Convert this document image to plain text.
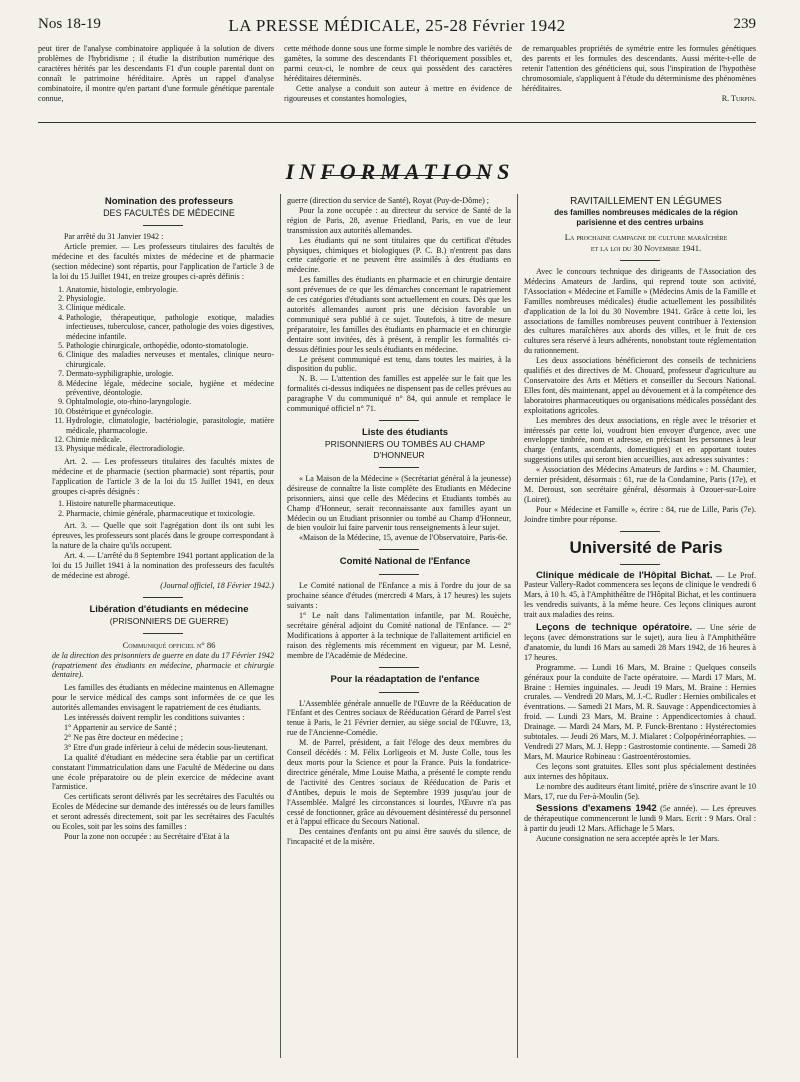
Nos 18-19	LA PRESSE MÉDICALE, 25-28 Février 1942	239

peut tirer de l'analyse combinatoire appliquée à la solution de divers problèmes de l'hybridisme ; il étudie la distribution numérique des caractères hérités par les descendants F1 d'un couple parental dont on connaît le patrimoine héréditaire. Après un rappel d'analyse combinatoire, il montre qu'en partant d'une formule génétique parentale connue,

cette méthode donne sous une forme simple le nombre des variétés de gamètes, la somme des descendants F1 théoriquement possibles et, parmi ceux-ci, le nombre de ceux qui possèdent des caractères héréditaires déterminés.

Cette analyse a conduit son auteur à mettre en évidence de rigoureuses et constantes homologies,

de remarquables propriétés de symétrie entre les formules génétiques des parents et les formules des descendants. Aussi mérite-t-elle de retenir l'attention des généticiens qui, sous l'inspiration de l'hypothèse chromosomiale, s'appliquent à l'étude du déterminisme des phénomènes héréditaires.

R. Turpin.

INFORMATIONS

Nomination des professeurs

DES FACULTÉS DE MÉDECINE

Par arrêté du 31 Janvier 1942 :

Article premier. — Les professeurs titulaires des facultés de médecine et des facultés mixtes de médecine et de pharmacie (section médecine) sont répartis, pour l'application de l'article 3 de la loi du 15 Juillet 1941, en treize groupes ci-après définis :

1. Anatomie, histologie, embryologie.
2. Physiologie.
3. Clinique médicale.
4. Pathologie, thérapeutique, pathologie exotique, maladies infectieuses, tuberculose, cancer, pathologie des voies digestives, médecine infantile.
5. Pathologie chirurgicale, orthopédie, odonto-stomatologie.
6. Clinique des maladies nerveuses et mentales, clinique neuro-chirurgicale.
7. Dermato-syphiligraphie, urologie.
8. Médecine légale, médecine sociale, hygiène et médecine préventive, déontologie.
9. Ophtalmologie, oto-rhino-laryngologie.
10. Obstétrique et gynécologie.
11. Hydrologie, climatologie, bactériologie, parasitologie, matière médicale, pharmacologie.
12. Chimie médicale.
13. Physique médicale, électroradiologie.

Art. 2. — Les professeurs titulaires des facultés mixtes de médecine et de pharmacie (section pharmacie) sont répartis, pour l'application de l'article 3 de la loi du 15 Juillet 1941, en deux groupes ci-après désignés :

1. Histoire naturelle pharmaceutique.
2. Pharmacie, chimie générale, pharmaceutique et toxicologie.

Art. 3. — Quelle que soit l'agrégation dont ils ont subi les épreuves, les professeurs sont placés dans le groupe correspondant à la nature de la chaire qu'ils occupent.

Art. 4. — L'arrêté du 8 Septembre 1941 portant application de la loi du 15 Juillet 1941 à la nomination des professeurs des facultés de médecine est abrogé.

(Journal officiel, 18 Février 1942.)

Libération d'étudiants en médecine

(PRISONNIERS DE GUERRE)

Communiqué officiel n° 86

de la direction des prisonniers de guerre en date du 17 Février 1942 (rapatriement des étudiants en médecine, pharmacie et chirurgie dentaire).

Les familles des étudiants en médecine maintenus en Allemagne pour le service médical des camps sont informées de ce que les autorités allemandes envisagent le rapatriement de ces étudiants.

Les intéressés doivent remplir les conditions suivantes :

1° Appartenir au service de Santé ;

2° Ne pas être docteur en médecine ;

3° Etre d'un grade inférieur à celui de médecin sous-lieutenant.

La qualité d'étudiant en médecine sera établie par un certificat constatant l'immatriculation dans une Faculté de Médecine ou dans une école préparatoire ou de plein exercice de médecine avant l'armistice.

Ces certificats seront délivrés par les secrétaires des Facultés ou Ecoles de Médecine sur demande des intéressés ou de leurs familles et seront adressés directement, soit par les secrétaires des Facultés ou Ecoles, soit par les soins des familles :

Pour la zone non occupée : au Secrétaire d'Etat à la

guerre (direction du service de Santé), Royat (Puy-de-Dôme) ;

Pour la zone occupée : au directeur du service de Santé de la région de Paris, 28, avenue Friedland, Paris, en vue de leur transmission aux autorités allemandes.

Les étudiants qui ne sont titulaires que du certificat d'études physiques, chimiques et biologiques (P. C. B.) n'entrent pas dans cette catégorie et ne peuvent être assimilés à des étudiants en médecine.

Les familles des étudiants en pharmacie et en chirurgie dentaire sont prévenues de ce que les démarches concernant le rapatriement de ces catégories d'étudiants sont actuellement en cours. Dès que les autorités allemandes auront pris une décision favorable un communiqué sera publié à ce sujet. Toutefois, à titre de mesure préparatoire, les familles des étudiants en pharmacie et en chirurgie dentaire sont invitées, dès à présent, à remplir les formalités ci-dessus définies pour les seuls étudiants en médecine.

Le présent communiqué est tenu, dans toutes les mairies, à la disposition du public.

N. B. — L'attention des familles est appelée sur le fait que les formalités ci-dessus indiquées ne dispensent pas de celles prévues au paragraphe V du communiqué n° 84, qui annule et remplace le communiqué officiel n° 71.

Liste des étudiants

PRISONNIERS OU TOMBÉS AU CHAMP D'HONNEUR

« La Maison de la Médecine » (Secrétariat général à la jeunesse) désireuse de connaître la liste complète des Etudiants en Médecine prisonniers, ainsi que celle des Médecins et Etudiants tombés au Champ d'Honneur, serait reconnaissante aux familles ayant un Médecin ou un Etudiant prisonnier ou tombé au Champ d'Honneur, de bien vouloir lui faire parvenir tous renseignements à leur sujet.

«Maison de la Médecine, 15, avenue de l'Observatoire, Paris-6e.

Comité National de l'Enfance

Le Comité national de l'Enfance a mis à l'ordre du jour de sa prochaine séance d'études (mercredi 4 Mars, à 17 heures) les sujets suivants :

1° Le naît dans l'alimentation infantile, par M. Rouèche, secrétaire général adjoint du Comité national de l'Enfance. — 2° Modifications à apporter à la technique de l'allaitement artificiel en raison des règlements mis récemment en vigueur, par M. Lesné, membre de l'Académie de Médecine.

Pour la réadaptation de l'enfance

L'Assemblée générale annuelle de l'Œuvre de la Rééducation de l'Enfant et des Centres sociaux de Rééducation Gérard de Parrel s'est tenue à Paris, le 21 Février dernier, au siège social de l'Œuvre, 13, rue de l'Ancienne-Comédie.

M. de Parrel, président, a fait l'éloge des deux membres du Conseil décédés : M. Félix Lorligeois et M. Juste Colle, tous les deux morts pour la Science et pour la France. Puis la fondatrice-directrice générale, Mme Louise Matha, a présenté le compte rendu de l'activité des Centres sociaux de Rééducation de Paris et d'Antibes, depuis le mois de Septembre 1939 jusqu'au jour de l'Assemblée. Malgré les circonstances si lourdes, l'Œuvre n'a pas cessé de fonctionner, grâce au dévouement désintéressé du personnel et à l'appui efficace du Secours National.

Des centaines d'enfants ont pu ainsi être sauvés du silence, de l'incapacité et de la misère.

RAVITAILLEMENT EN LÉGUMES

des familles nombreuses médicales de la région parisienne et des centres urbains

La prochaine campagne de culture maraîchère

et la loi du 30 Novembre 1941.

Avec le concours technique des dirigeants de l'Association des Médecins Amateurs de Jardins, qui reprend toute son activité, l'Association « Médecine et Famille » (Médecins Amis de la Famille et Familles nombreuses médicales) étudie actuellement les possibilités d'application de la loi du 30 Novembre 1941. Grâce à cette loi, les associations de familles nombreuses peuvent contribuer à l'extension des cultures maraîchères aux abords des villes, et le fruit de ces cultures sera réservé à leurs adhérents, nonobstant toute réglementation du rationnement.

Les deux associations bénéficieront des conseils de techniciens qualifiés et des directives de M. Chouard, professeur d'agriculture au Conservatoire des Arts et Métiers et conseiller du Secours National. Elles font, dès maintenant, appel au dévouement et à la compétence des laboratoires pharmaceutiques ou organisations médicales possédant des exploitations agricoles.

Les membres des deux associations, en règle avec le trésorier et intéressés par cette loi, voudront bien envoyer d'urgence, avec une enveloppe timbrée, nom et adresse, en précisant les personnes à leur charge (enfants, ascendants, domestiques) et en apportant toutes suggestions utiles qui seront bien accueillies, aux adresses suivantes :

« Association des Médecins Amateurs de Jardins » : M. Chaumier, dernier président, désormais : 61, rue de la Condamine, Paris (17e), et M. Deroust, son secrétaire général, désormais à Ozouer-sur-Loire (Loiret).

Pour « Médecine et Famille », écrire : 84, rue de Lille, Paris (7e). Joindre timbre pour réponse.

Université de Paris

Clinique médicale de l'Hôpital Bichat. — Le Prof. Pasteur Vallery-Radot commencera ses leçons de clinique le vendredi 6 Mars, à 10 h. 45, à l'Amphithéâtre de l'Hôpital Bichat, et les continuera les vendredis suivants, à la même heure. Ces leçons cliniques auront trait aux maladies des reins.

Leçons de technique opératoire. — Une série de leçons (avec démonstrations sur le sujet), aura lieu à l'Amphithéâtre d'anatomie, du lundi 16 Mars au samedi 28 Mars 1942, de 16 heures à 17 heures.

Programme. — Lundi 16 Mars, M. Braine : Quelques conseils généraux pour la conduite de l'acte opératoire. — Mardi 17 Mars, M. Braine : Hernies inguinales. — Jeudi 19 Mars, M. Braine : Hernies crurales. — Vendredi 20 Mars, M. J.-C. Rudler : Hernies ombilicales et éventrations. — Samedi 21 Mars, M. R. Sauvage : Appendicectomies à froid. — Lundi 23 Mars, M. Braine : Appendicectomies à chaud. Drainage. — Mardi 24 Mars, M. P. Funck-Brentano : Hystérectomies subtotales. — Jeudi 26 Mars, M. J. Mialaret : Colpopérinéorraphies. — Vendredi 27 Mars, M. J. Hepp : Gastrostomie continente. — Samedi 28 Mars, M. Maurice Robineau : Gastroentérostomies.

Ces leçons sont gratuites. Elles sont plus spécialement destinées aux internes des hôpitaux.

Le nombre des auditeurs étant limité, prière de s'inscrire avant le 10 Mars, 17, rue du Fer-à-Moulin (5e).

Sessions d'examens 1942 (5e année). — Les épreuves de thérapeutique commenceront le lundi 9 Mars. Ecrit : 9 Mars. Oral : à partir du jeudi 12 Mars. Affichage le 5 Mars.

Aucune consignation ne sera acceptée après le 1er Mars.
